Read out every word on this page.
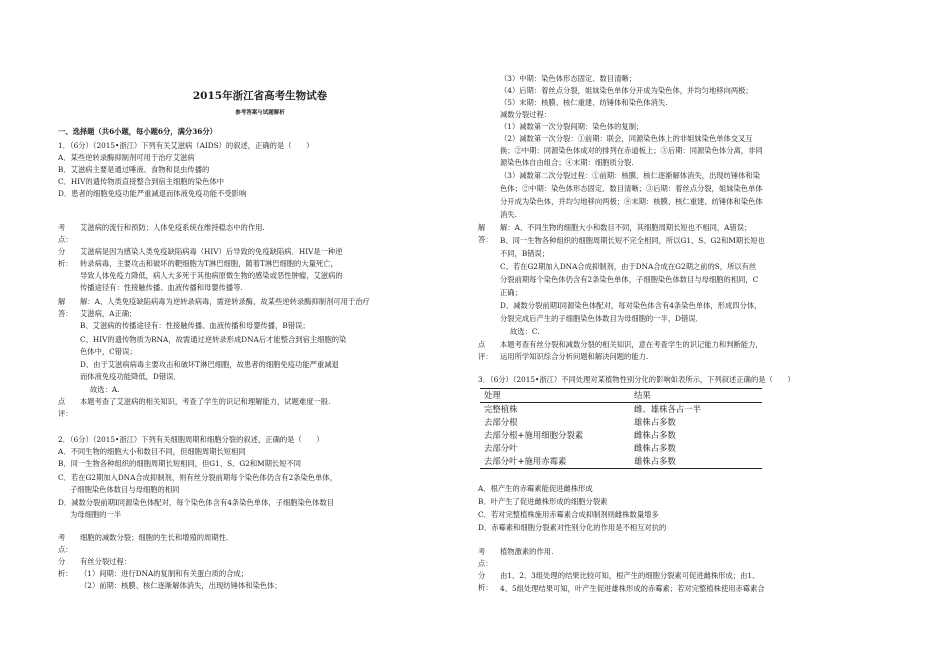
2015年浙江省高考生物试卷
参考答案与试题解析
一、选择题（共6小题，每小题6分，满分36分）
1．（6分）（2015•浙江）下列有关艾滋病（AIDS）的叙述，正确的是（　　）
A．某些逆转录酶抑制剂可用于治疗艾滋病
B．艾滋病主要是通过唾液、食物和昆虫传播的
C．HIV的遗传物质直接整合到宿主细胞的染色体中
D．患者的细胞免疫功能严重减退而体液免疫功能不受影响
考点：
艾滋病的流行和预防；人体免疫系统在维持稳态中的作用.
分析：
艾滋病是因为感染人类免疫缺陷病毒（HIV）后导致的免疫缺陷病．HIV是一种逆
转录病毒，主要攻击和破坏的靶细胞为T淋巴细胞，随着T淋巴细胞的大量死亡，
导致人体免疫力降低，病人大多死于其他病原微生物的感染或恶性肿瘤，艾滋病的
传播途径有：性接触传播、血液传播和母婴传播等.
解答：
解：A、人类免疫缺陷病毒为逆转录病毒，需逆转录酶，故某些逆转录酶抑制剂可用于治疗
艾滋病，A正确；
B、艾滋病的传播途径有：性接触传播、血液传播和母婴传播，B错误；
C、HIV的遗传物质为RNA，故需通过逆转录形成DNA后才能整合到宿主细胞的染
色体中，C错误；
D、由于艾滋病病毒主要攻击和破坏T淋巴细胞，故患者的细胞免疫功能严重减退
而体液免疫功能降低，D错误．
故选：A.
点评：
本题考查了艾滋病的相关知识，考查了学生的识记和理解能力，试题难度一般.
2．（6分）（2015•浙江）下列有关细胞周期和细胞分裂的叙述，正确的是（　　）
A．不同生物的细胞大小和数目不同，但细胞周期长短相同
B．同一生物各种组织的细胞周期长短相同，但G1、S、G2和M期长短不同
C．若在G2期加入DNA合成抑制剂，则有丝分裂前期每个染色体仍含有2条染色单体，
子细胞染色体数目与母细胞的相同
D．减数分裂前期Ⅰ同源染色体配对，每个染色体含有4条染色单体，子细胞染色体数目
为母细胞的一半
考点：
细胞的减数分裂；细胞的生长和增殖的周期性.
分析：
有丝分裂过程：
（1）间期：进行DNA的复制和有关蛋白质的合成；
（2）前期：核膜、核仁逐渐解体消失，出现纺锤体和染色体；
（3）中期：染色体形态固定、数目清晰；
（4）后期：着丝点分裂，姐妹染色单体分开成为染色体，并均匀地移向两极；
（5）末期：核膜、核仁重建、纺锤体和染色体消失.
减数分裂过程：
（1）减数第一次分裂间期：染色体的复制；
（2）减数第一次分裂：①前期：联会，同源染色体上的非姐妹染色单体交叉互
换；②中期：同源染色体成对的排列在赤道板上；③后期：同源染色体分离，非同
源染色体自由组合；④末期：细胞质分裂.
（3）减数第二次分裂过程：①前期：核膜、核仁逐渐解体消失，出现纺锤体和染
色体；②中期：染色体形态固定、数目清晰；③后期：着丝点分裂，姐妹染色单体
分开成为染色体，并均匀地移向两极；④末期：核膜、核仁重建、纺锤体和染色体
消失.
解答：
解：A、不同生物的细胞大小和数目不同，其细胞周期长短也不相同，A错误；
B、同一生物各种组织的细胞周期长短不完全相同，所以G1、S、G2和M期长短也
不同，B错误；
C、若在G2期加入DNA合成抑制剂，由于DNA合成在G2期之前的S，所以有丝
分裂前期每个染色体仍含有2条染色单体，子细胞染色体数目与母细胞的相同，C
正确；
D、减数分裂前期Ⅰ同源染色体配对，每对染色体含有4条染色单体，形成四分体，
分裂完成后产生的子细胞染色体数目为母细胞的一半，D错误．
故选：C.
点评：
本题考查有丝分裂和减数分裂的相关知识，意在考查学生的识记能力和判断能力，
运用所学知识综合分析问题和解决问题的能力.
3．（6分）（2015•浙江）不同处理对某植物性别分化的影响如表所示，下列叙述正确的是（　　）
处理	结果
完整植株	雌、雄株各占一半
去部分根	雄株占多数
去部分根+施用细胞分裂素	雌株占多数
去部分叶	雌株占多数
去部分叶+施用赤霉素	雄株占多数
A．根产生的赤霉素能促进雌株形成
B．叶产生了促进雌株形成的细胞分裂素
C．若对完整植株施用赤霉素合成抑制剂则雌株数量增多
D．赤霉素和细胞分裂素对性别分化的作用是不相互对抗的
考点：
植物激素的作用.
分析：
由1、2、3组处理的结果比较可知，根产生的细胞分裂素可促进雌株形成；由1、
4、5组处理结果可知，叶产生促进雄株形成的赤霉素；若对完整植株使用赤霉素合
